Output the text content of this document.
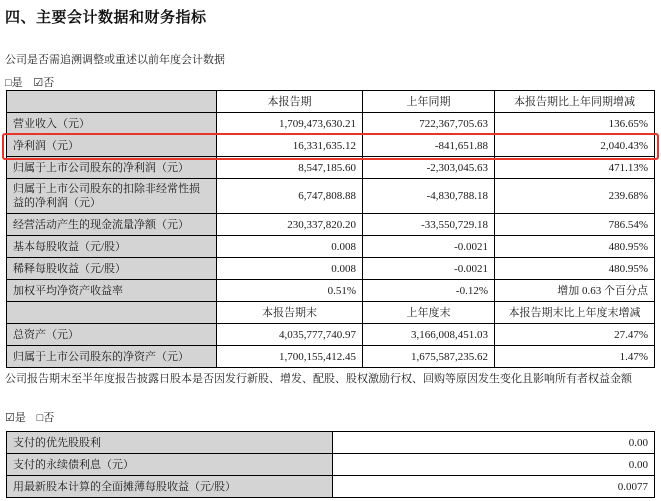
四、主要会计数据和财务指标
公司是否需追溯调整或重述以前年度会计数据
□是 ☑否
	本报告期	上年同期	本报告期比上年同期增减
营业收入（元）	1,709,473,630.21	722,367,705.63	136.65%
净利润（元）	16,331,635.12	-841,651.88	2,040.43%
归属于上市公司股东的净利润（元）	8,547,185.60	-2,303,045.63	471.13%
归属于上市公司股东的扣除非经常性损益的净利润（元）	6,747,808.88	-4,830,788.18	239.68%
经营活动产生的现金流量净额（元）	230,337,820.20	-33,550,729.18	786.54%
基本每股收益（元/股）	0.008	-0.0021	480.95%
稀释每股收益（元/股）	0.008	-0.0021	480.95%
加权平均净资产收益率	0.51%	-0.12%	增加 0.63 个百分点
	本报告期末	上年度末	本报告期末比上年度末增减
总资产（元）	4,035,777,740.97	3,166,008,451.03	27.47%
归属于上市公司股东的净资产（元）	1,700,155,412.45	1,675,587,235.62	1.47%
公司报告期末至半年度报告披露日股本是否因发行新股、增发、配股、股权激励行权、回购等原因发生变化且影响所有者权益金额
☑是 □否
支付的优先股股利	0.00
支付的永续债利息（元）	0.00
用最新股本计算的全面摊薄每股收益（元/股）	0.0077
